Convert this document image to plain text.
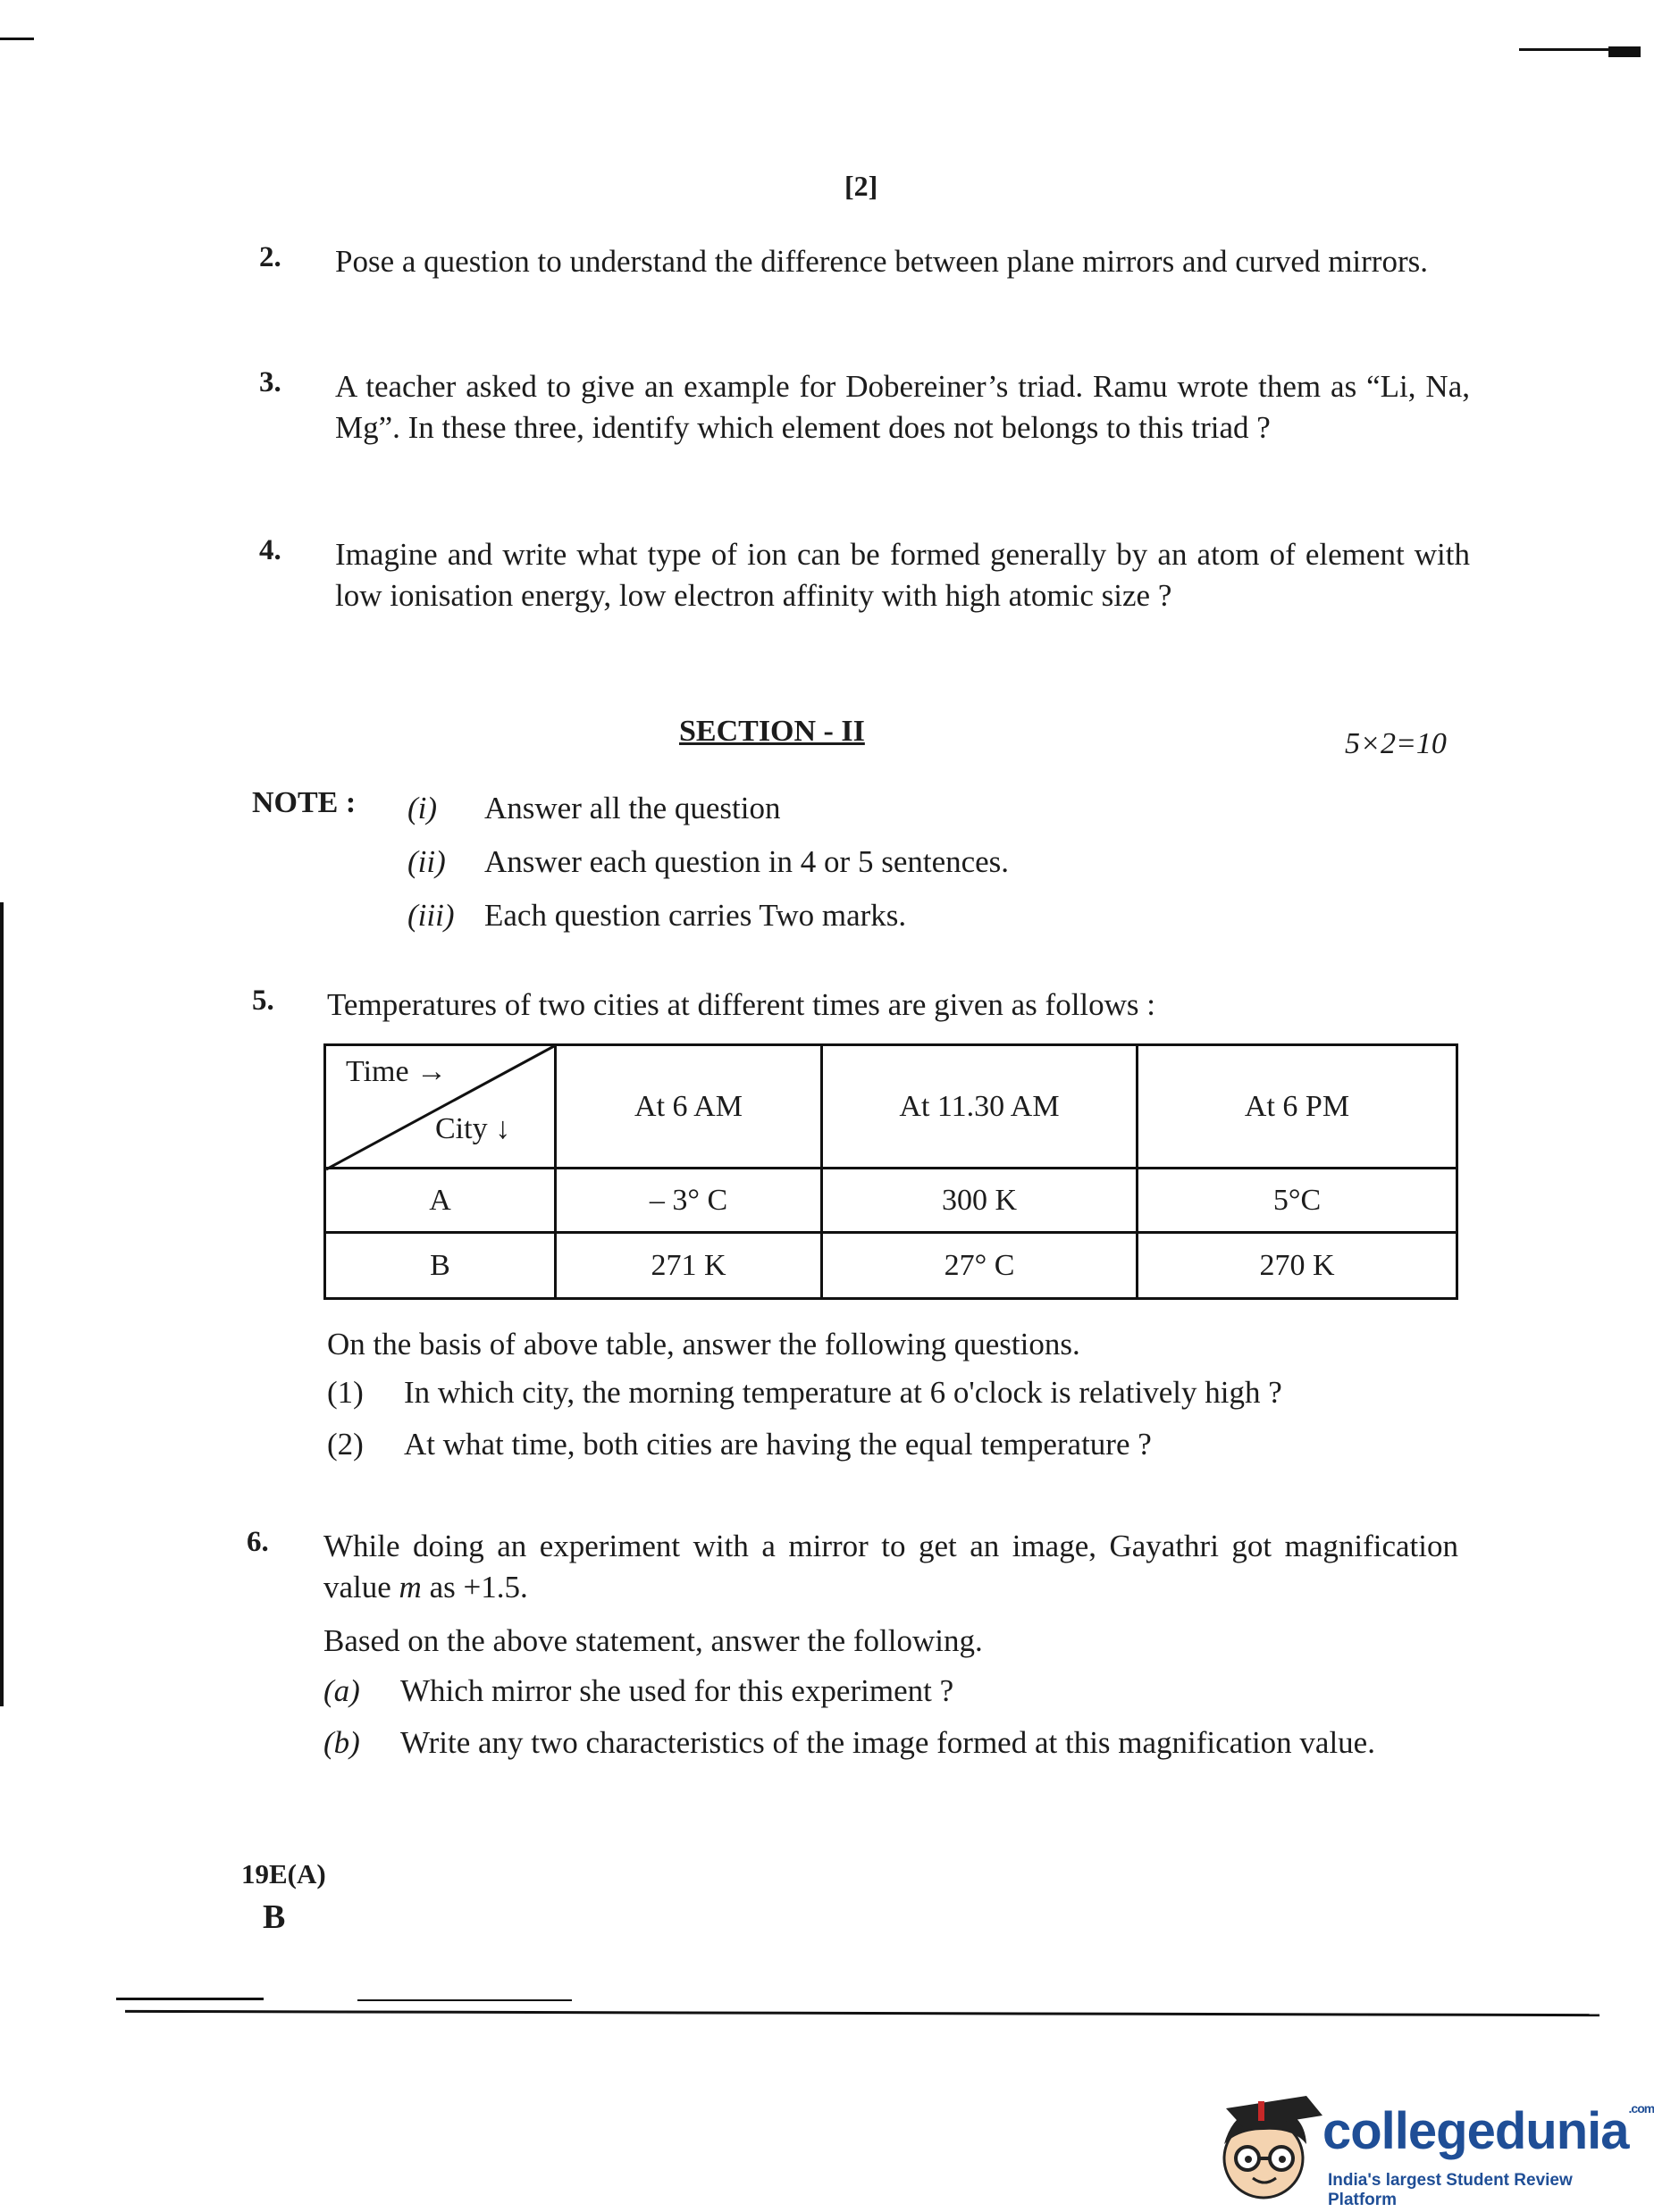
[2]
2. Pose a question to understand the difference between plane mirrors and curved mirrors.
3. A teacher asked to give an example for Dobereiner’s triad. Ramu wrote them as “Li, Na, Mg”. In these three, identify which element does not belongs to this triad ?
4. Imagine and write what type of ion can be formed generally by an atom of element with low ionisation energy, low electron affinity with high atomic size ?
SECTION - II	5×2=10
NOTE : (i) Answer all the question
(ii) Answer each question in 4 or 5 sentences.
(iii) Each question carries Two marks.
5. Temperatures of two cities at different times are given as follows :
Time →
City ↓	At 6 AM	At 11.30 AM	At 6 PM
A	– 3° C	300 K	5°C
B	271 K	27° C	270 K
On the basis of above table, answer the following questions.
(1) In which city, the morning temperature at 6 o'clock is relatively high ?
(2) At what time, both cities are having the equal temperature ?
6. While doing an experiment with a mirror to get an image, Gayathri got magnification value m as +1.5.
Based on the above statement, answer the following.
(a) Which mirror she used for this experiment ?
(b) Write any two characteristics of the image formed at this magnification value.
19E(A)
B
collegedunia$^{.com}$
India's largest Student Review Platform
